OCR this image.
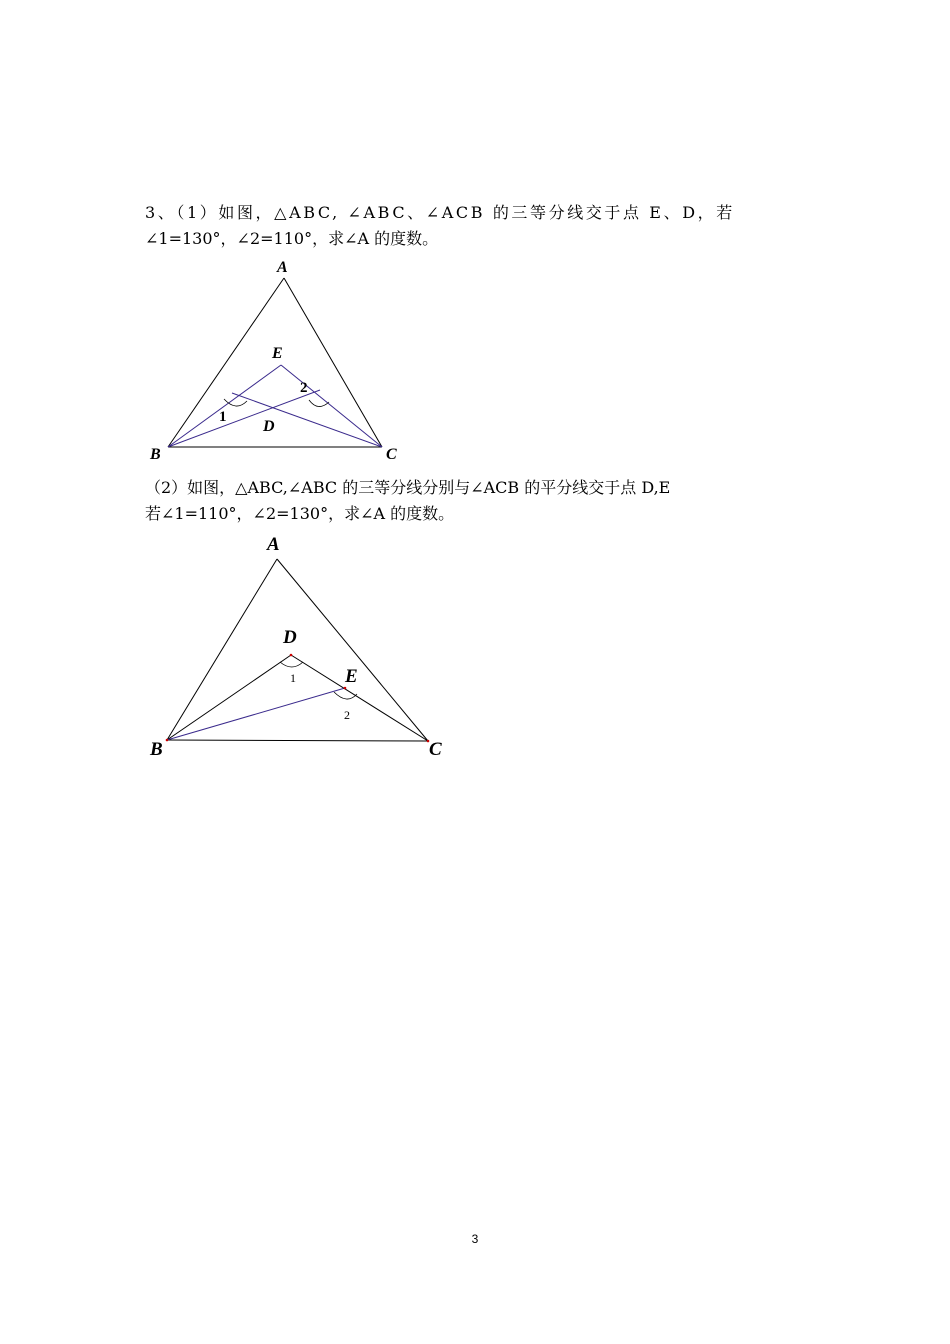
3、（1）如图，△ABC, ∠ABC、∠ACB 的三等分线交于点 E、D，若
∠1=130°，∠2=110°，求∠A 的度数。
A
B	C
E
D
1
2
（2）如图，△ABC,∠ABC 的三等分线分别与∠ACB 的平分线交于点 D,E
若∠1=110°，∠2=130°，求∠A 的度数。
A
B	C
D
E
1
2
3
